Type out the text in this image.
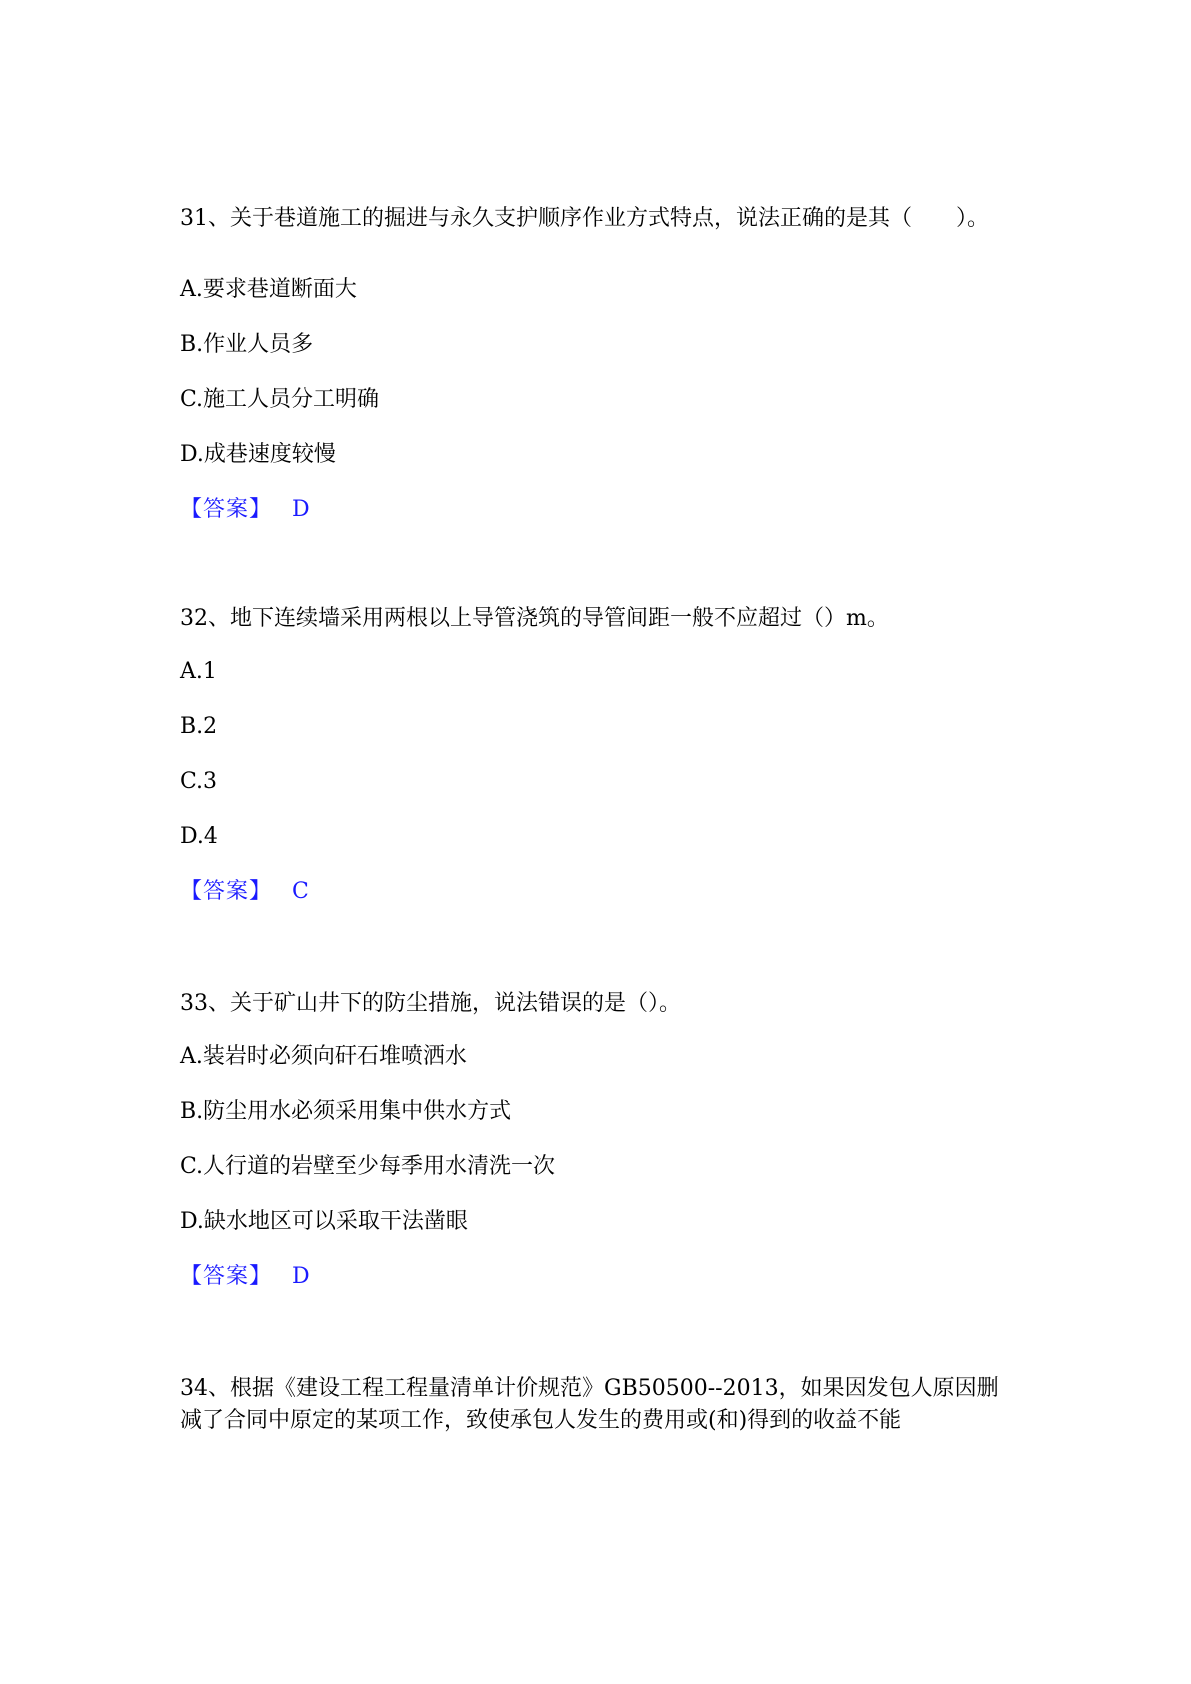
31、关于巷道施工的掘进与永久支护顺序作业方式特点，说法正确的是其（　　）。

A.要求巷道断面大

B.作业人员多

C.施工人员分工明确

D.成巷速度较慢

【答案】 D

32、地下连续墙采用两根以上导管浇筑的导管间距一般不应超过（）m。

A.1

B.2

C.3

D.4

【答案】 C

33、关于矿山井下的防尘措施，说法错误的是（）。

A.装岩时必须向矸石堆喷洒水

B.防尘用水必须采用集中供水方式

C.人行道的岩壁至少每季用水清洗一次

D.缺水地区可以采取干法凿眼

【答案】 D

34、根据《建设工程工程量清单计价规范》GB50500--2013，如果因发包人原因删减了合同中原定的某项工作，致使承包人发生的费用或(和)得到的收益不能
